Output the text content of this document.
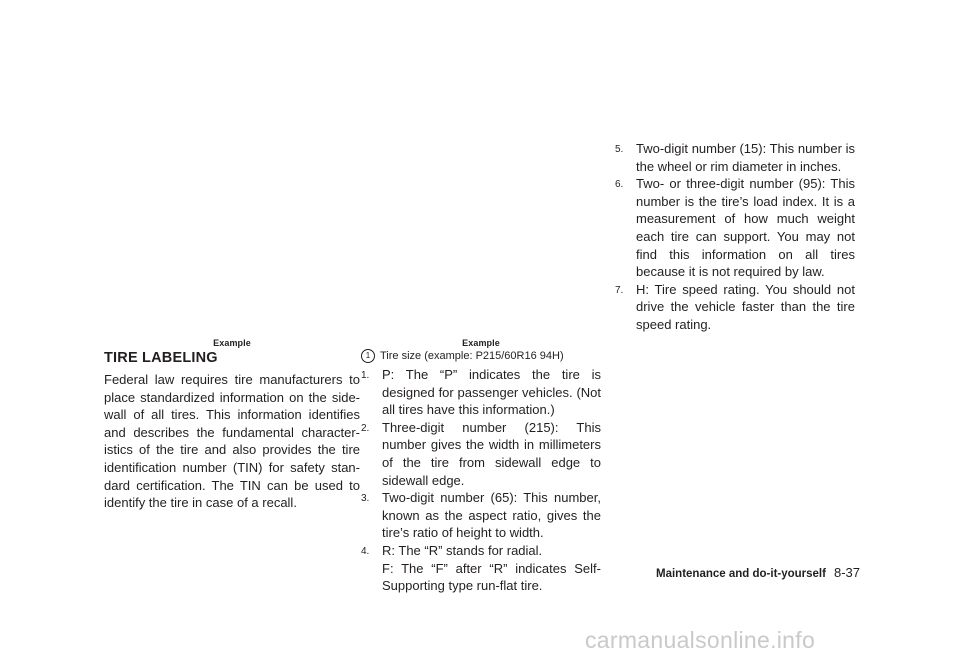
Example	Example
TIRE LABELING
Federal law requires tire manufacturers to place standardized information on the side-wall of all tires. This information identifies and describes the fundamental character-istics of the tire and also provides the tire identification number (TIN) for safety stan-dard certification. The TIN can be used to identify the tire in case of a recall.
1 Tire size (example: P215/60R16 94H)
1. P: The “P” indicates the tire is designed for passenger vehicles. (Not all tires have this information.)

2. Three-digit number (215): This number gives the width in millimeters of the tire from sidewall edge to sidewall edge.

3. Two-digit number (65): This number, known as the aspect ratio, gives the tire’s ratio of height to width.

4. R: The “R” stands for radial.

F: The “F” after “R” indicates Self-Supporting type run-flat tire.

5. Two-digit number (15): This number is the wheel or rim diameter in inches.

6. Two- or three-digit number (95): This number is the tire’s load index. It is a measurement of how much weight each tire can support. You may not find this information on all tires because it is not required by law.

7. H: Tire speed rating. You should not drive the vehicle faster than the tire speed rating.

Maintenance and do-it-yourself 8-37
carmanualsonline.info
